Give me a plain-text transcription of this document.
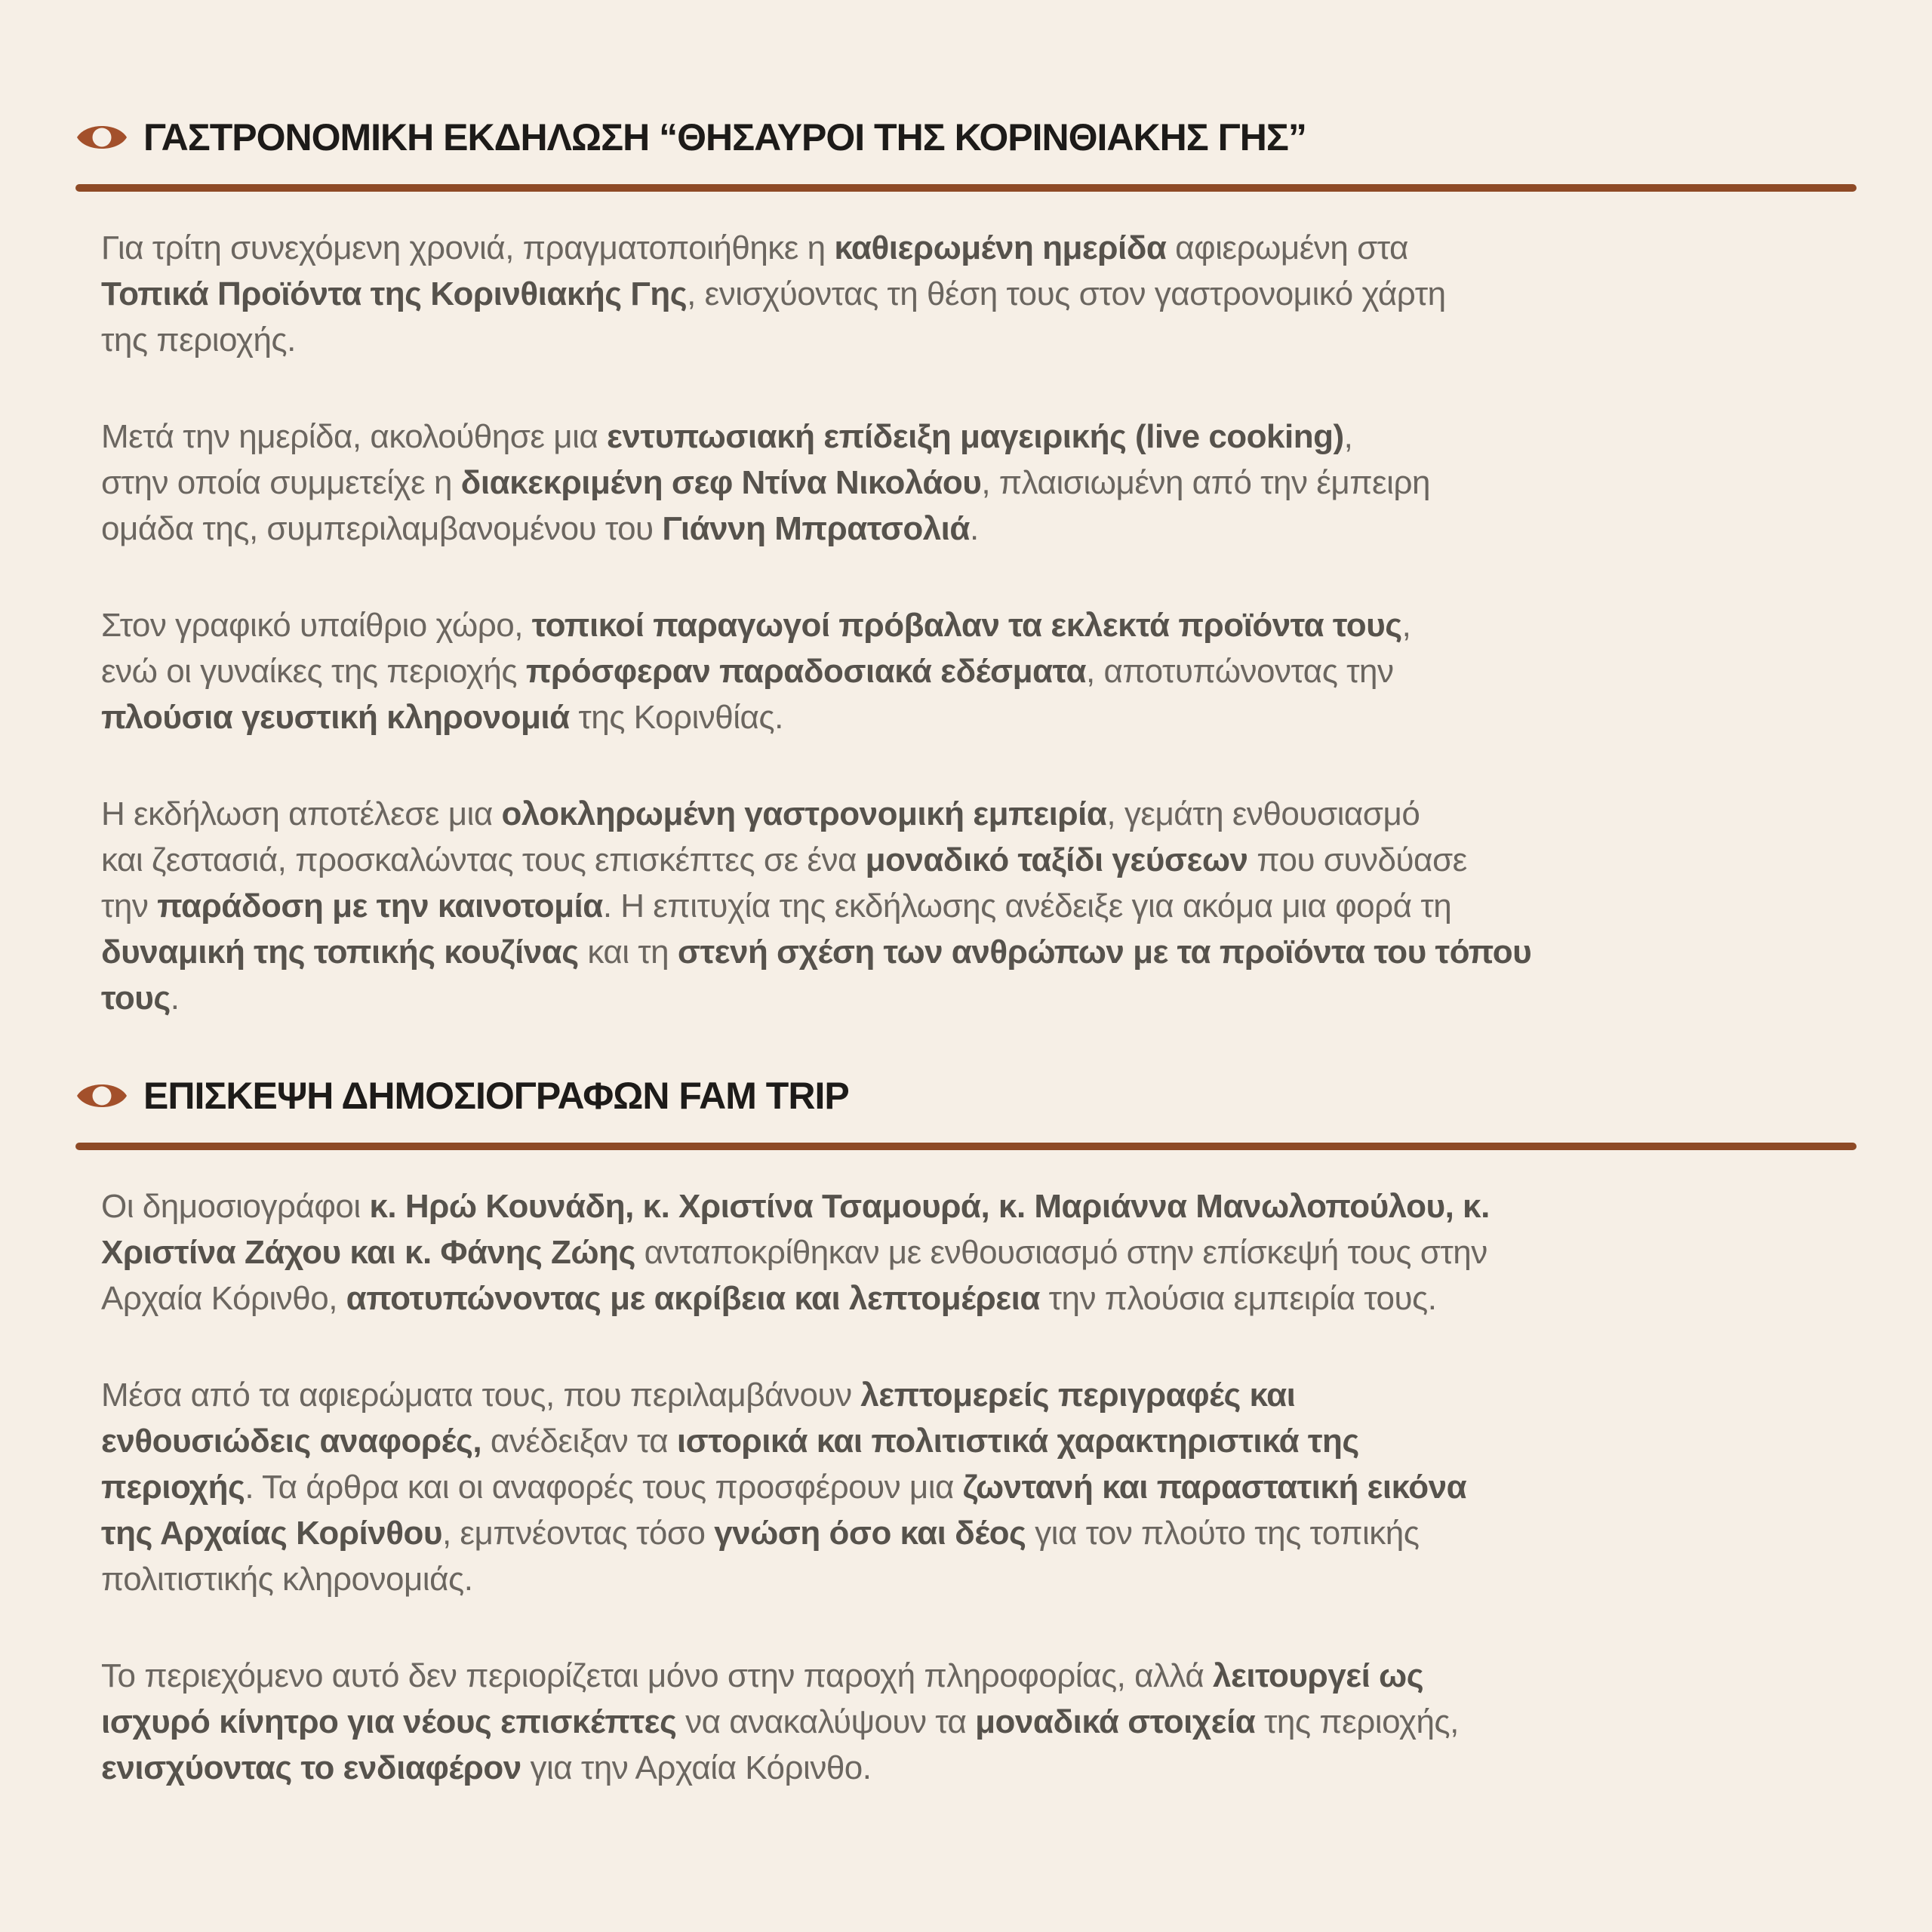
ΓΑΣΤΡΟΝΟΜΙΚΗ ΕΚΔΗΛΩΣΗ “ΘΗΣΑΥΡΟΙ ΤΗΣ ΚΟΡΙΝΘΙΑΚΗΣ ΓΗΣ”
Για τρίτη συνεχόμενη χρονιά, πραγματοποιήθηκε η καθιερωμένη ημερίδα αφιερωμένη στα
Τοπικά Προϊόντα της Κορινθιακής Γης, ενισχύοντας τη θέση τους στον γαστρονομικό χάρτη
της περιοχής.
Μετά την ημερίδα, ακολούθησε μια εντυπωσιακή επίδειξη μαγειρικής (live cooking),
στην οποία συμμετείχε η διακεκριμένη σεφ Ντίνα Νικολάου, πλαισιωμένη από την έμπειρη
ομάδα της, συμπεριλαμβανομένου του Γιάννη Μπρατσολιά.
Στον γραφικό υπαίθριο χώρο, τοπικοί παραγωγοί πρόβαλαν τα εκλεκτά προϊόντα τους,
ενώ οι γυναίκες της περιοχής πρόσφεραν παραδοσιακά εδέσματα, αποτυπώνοντας την
πλούσια γευστική κληρονομιά της Κορινθίας.
Η εκδήλωση αποτέλεσε μια ολοκληρωμένη γαστρονομική εμπειρία, γεμάτη ενθουσιασμό
και ζεστασιά, προσκαλώντας τους επισκέπτες σε ένα μοναδικό ταξίδι γεύσεων που συνδύασε
την παράδοση με την καινοτομία. Η επιτυχία της εκδήλωσης ανέδειξε για ακόμα μια φορά τη
δυναμική της τοπικής κουζίνας και τη στενή σχέση των ανθρώπων με τα προϊόντα του τόπου
τους.
ΕΠΙΣΚΕΨΗ ΔΗΜΟΣΙΟΓΡΑΦΩΝ FAM TRIP
Οι δημοσιογράφοι κ. Ηρώ Κουνάδη, κ. Χριστίνα Τσαμουρά, κ. Μαριάννα Μανωλοπούλου, κ.
Χριστίνα Ζάχου και κ. Φάνης Ζώης ανταποκρίθηκαν με ενθουσιασμό στην επίσκεψή τους στην
Αρχαία Κόρινθο, αποτυπώνοντας με ακρίβεια και λεπτομέρεια την πλούσια εμπειρία τους.
Μέσα από τα αφιερώματα τους, που περιλαμβάνουν λεπτομερείς περιγραφές και
ενθουσιώδεις αναφορές, ανέδειξαν τα ιστορικά και πολιτιστικά χαρακτηριστικά της
περιοχής. Τα άρθρα και οι αναφορές τους προσφέρουν μια ζωντανή και παραστατική εικόνα
της Αρχαίας Κορίνθου, εμπνέοντας τόσο γνώση όσο και δέος για τον πλούτο της τοπικής
πολιτιστικής κληρονομιάς.
Το περιεχόμενο αυτό δεν περιορίζεται μόνο στην παροχή πληροφορίας, αλλά λειτουργεί ως
ισχυρό κίνητρο για νέους επισκέπτες να ανακαλύψουν τα μοναδικά στοιχεία της περιοχής,
ενισχύοντας το ενδιαφέρον για την Αρχαία Κόρινθο.
